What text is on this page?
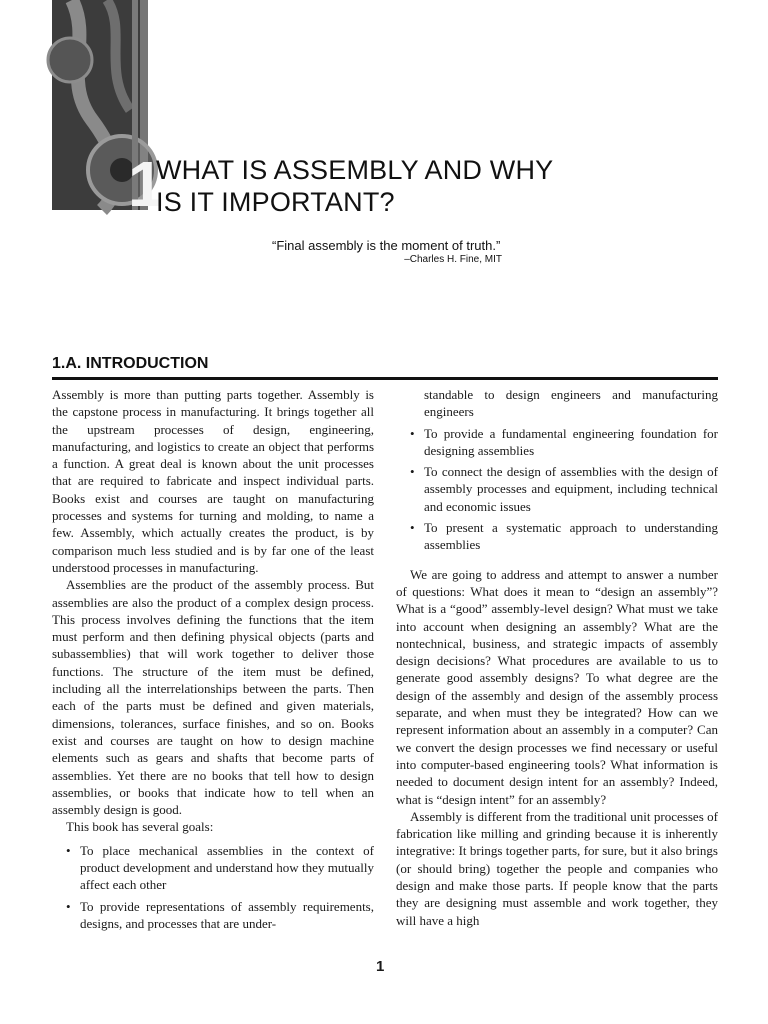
1
WHAT IS ASSEMBLY AND WHY
IS IT IMPORTANT?
“Final assembly is the moment of truth.”
–Charles H. Fine, MIT
1.A. INTRODUCTION

Assembly is more than putting parts together. Assembly is the capstone process in manufacturing. It brings together all the upstream processes of design, engineering, manufacturing, and logistics to create an object that performs a function. A great deal is known about the unit processes that are required to fabricate and inspect individual parts. Books exist and courses are taught on manufacturing processes and systems for turning and molding, to name a few. Assembly, which actually creates the product, is by comparison much less studied and is by far one of the least understood processes in manufacturing.

Assemblies are the product of the assembly process. But assemblies are also the product of a complex design process. This process involves defining the functions that the item must perform and then defining physical objects (parts and subassemblies) that will work together to deliver those functions. The structure of the item must be defined, including all the interrelationships between the parts. Then each of the parts must be defined and given materials, dimensions, tolerances, surface finishes, and so on. Books exist and courses are taught on how to design machine elements such as gears and shafts that become parts of assemblies. Yet there are no books that tell how to design assemblies, or books that indicate how to tell when an assembly design is good.

This book has several goals:

• To place mechanical assemblies in the context of product development and understand how they mutually affect each other
• To provide representations of assembly requirements, designs, and processes that are under-
standable to design engineers and manufacturing engineers
• To provide a fundamental engineering foundation for designing assemblies
• To connect the design of assemblies with the design of assembly processes and equipment, including technical and economic issues
• To present a systematic approach to understanding assemblies

We are going to address and attempt to answer a number of questions: What does it mean to “design an assembly”? What is a “good” assembly-level design? What must we take into account when designing an assembly? What are the nontechnical, business, and strategic impacts of assembly design decisions? What procedures are available to us to generate good assembly designs? To what degree are the design of the assembly and design of the assembly process separate, and when must they be integrated? How can we represent information about an assembly in a computer? Can we convert the design processes we find necessary or useful into computer-based engineering tools? What information is needed to document design intent for an assembly? Indeed, what is “design intent” for an assembly?

Assembly is different from the traditional unit processes of fabrication like milling and grinding because it is inherently integrative: It brings together parts, for sure, but it also brings (or should bring) together the people and companies who design and make those parts. If people know that the parts they are designing must assemble and work together, they will have a high

1
